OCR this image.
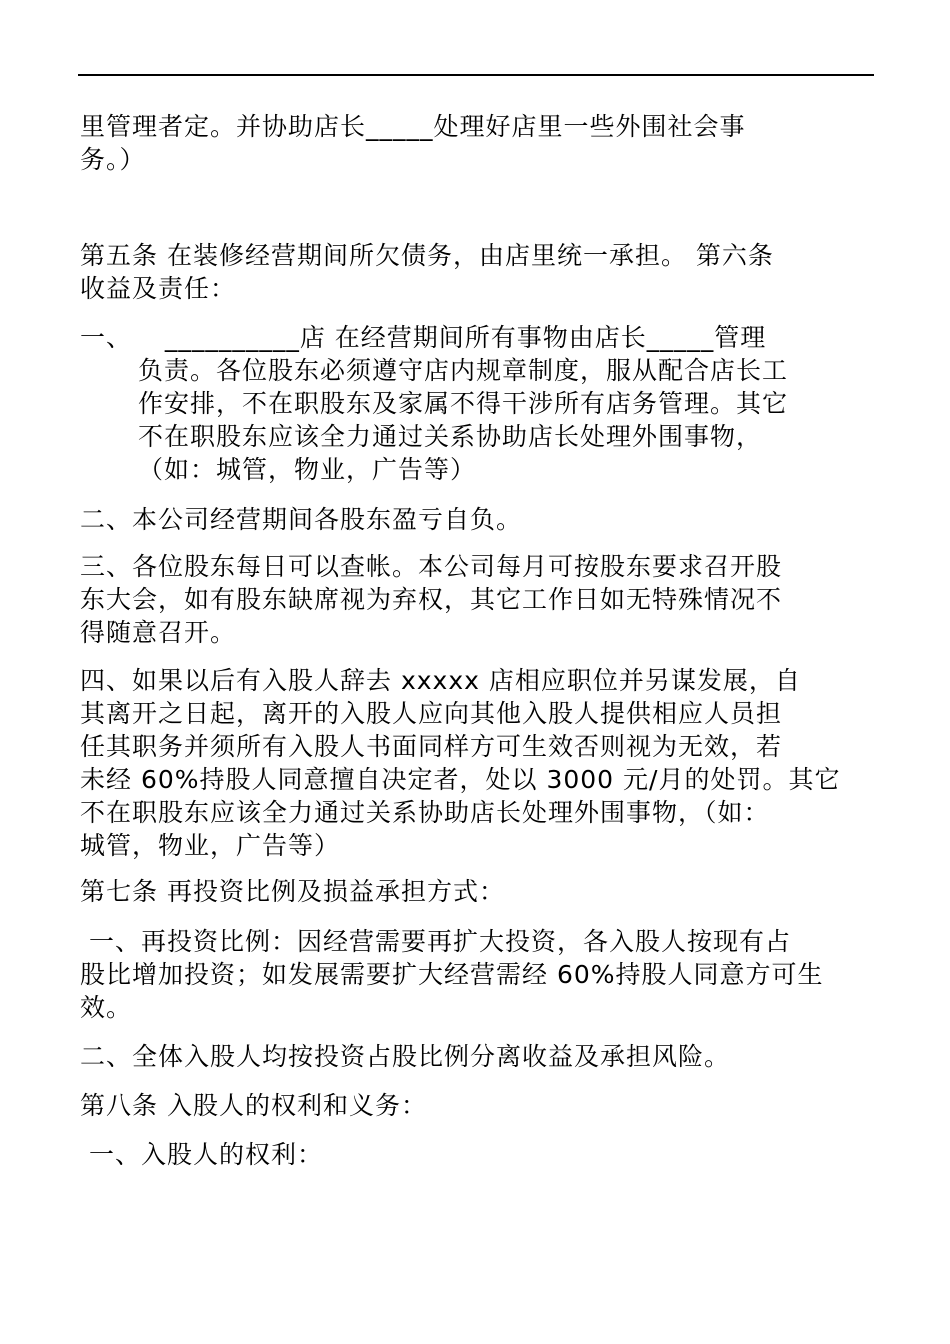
里管理者定。并协助店长_____处理好店里一些外围社会事
务。）

第五条 在装修经营期间所欠债务，由店里统一承担。 第六条
收益及责任：

一、 __________店 在经营期间所有事物由店长_____管理
负责。各位股东必须遵守店内规章制度，服从配合店长工
作安排，不在职股东及家属不得干涉所有店务管理。其它
不在职股东应该全力通过关系协助店长处理外围事物，
（如：城管，物业，广告等）

二、本公司经营期间各股东盈亏自负。

三、各位股东每日可以查帐。本公司每月可按股东要求召开股
东大会，如有股东缺席视为弃权，其它工作日如无特殊情况不
得随意召开。

四、如果以后有入股人辞去 xxxxx 店相应职位并另谋发展，自
其离开之日起，离开的入股人应向其他入股人提供相应人员担
任其职务并须所有入股人书面同样方可生效否则视为无效，若
未经 60%持股人同意擅自决定者，处以 3000 元/月的处罚。其它
不在职股东应该全力通过关系协助店长处理外围事物，（如：
城管，物业，广告等）

第七条 再投资比例及损益承担方式：

一、再投资比例：因经营需要再扩大投资，各入股人按现有占
股比增加投资；如发展需要扩大经营需经 60%持股人同意方可生
效。

二、全体入股人均按投资占股比例分离收益及承担风险。

第八条 入股人的权利和义务：

一、入股人的权利：
